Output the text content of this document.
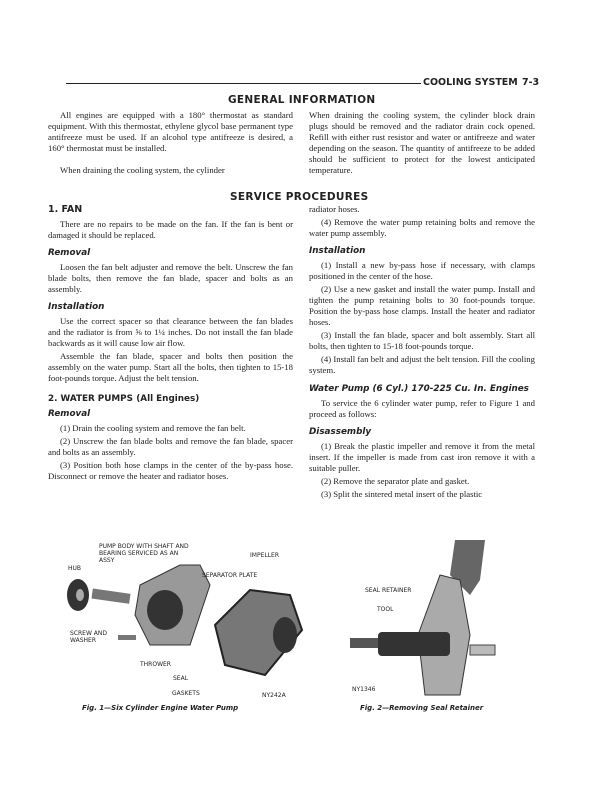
COOLING SYSTEM 7-3
GENERAL INFORMATION

All engines are equipped with a 180° thermostat as standard equipment. With this thermostat, ethylene glycol base permanent type antifreeze must be used. If an alcohol type antifreeze is desired, a 160° thermostat must be installed.

When draining the cooling system, the cylinder block drain plugs should be removed and the radiator drain cock opened. Refill with either rust resistor and water or antifreeze and water depending on the season. The quantity of antifreeze to be added should be sufficient to protect for the lowest anticipated temperature.

When draining the cooling system, the cylinder

SERVICE PROCEDURES
1. FAN

There are no repairs to be made on the fan. If the fan is bent or damaged it should be replaced.

Removal

Loosen the fan belt adjuster and remove the belt. Unscrew the fan blade bolts, then remove the fan blade, spacer and bolts as an assembly.

Installation

Use the correct spacer so that clearance between the fan blades and the radiator is from ⅝ to 1¼ inches. Do not install the fan blade backwards as it will cause low air flow.

Assemble the fan blade, spacer and bolts then position the assembly on the water pump. Start all the bolts, then tighten to 15-18 foot-pounds torque. Adjust the belt tension.

2. WATER PUMPS (All Engines)
Removal

(1) Drain the cooling system and remove the fan belt.

(2) Unscrew the fan blade bolts and remove the fan blade, spacer and bolts as an assembly.

(3) Position both hose clamps in the center of the by-pass hose. Disconnect or remove the heater and radiator hoses.

radiator hoses.

(4) Remove the water pump retaining bolts and remove the water pump assembly.

Installation

(1) Install a new by-pass hose if necessary, with clamps positioned in the center of the hose.

(2) Use a new gasket and install the water pump. Install and tighten the pump retaining bolts to 30 foot-pounds torque. Position the by-pass hose clamps. Install the heater and radiator hoses.

(3) Install the fan blade, spacer and bolt assembly. Start all bolts, then tighten to 15-18 foot-pounds torque.

(4) Install fan belt and adjust the belt tension. Fill the cooling system.

Water Pump (6 Cyl.) 170-225 Cu. In. Engines

To service the 6 cylinder water pump, refer to Figure 1 and proceed as follows:

Disassembly

(1) Break the plastic impeller and remove it from the metal insert. If the impeller is made from cast iron remove it with a suitable puller.

(2) Remove the separator plate and gasket.

(3) Split the sintered metal insert of the plastic

PUMP BODY WITH SHAFT AND BEARING SERVICED AS AN ASSY
HUB
IMPELLER
SEPARATOR PLATE
SCREW AND WASHER
THROWER
SEAL
GASKETS	NY242A
Fig. 1—Six Cylinder Engine Water Pump
SEAL RETAINER
TOOL
NY1346
Fig. 2—Removing Seal Retainer
